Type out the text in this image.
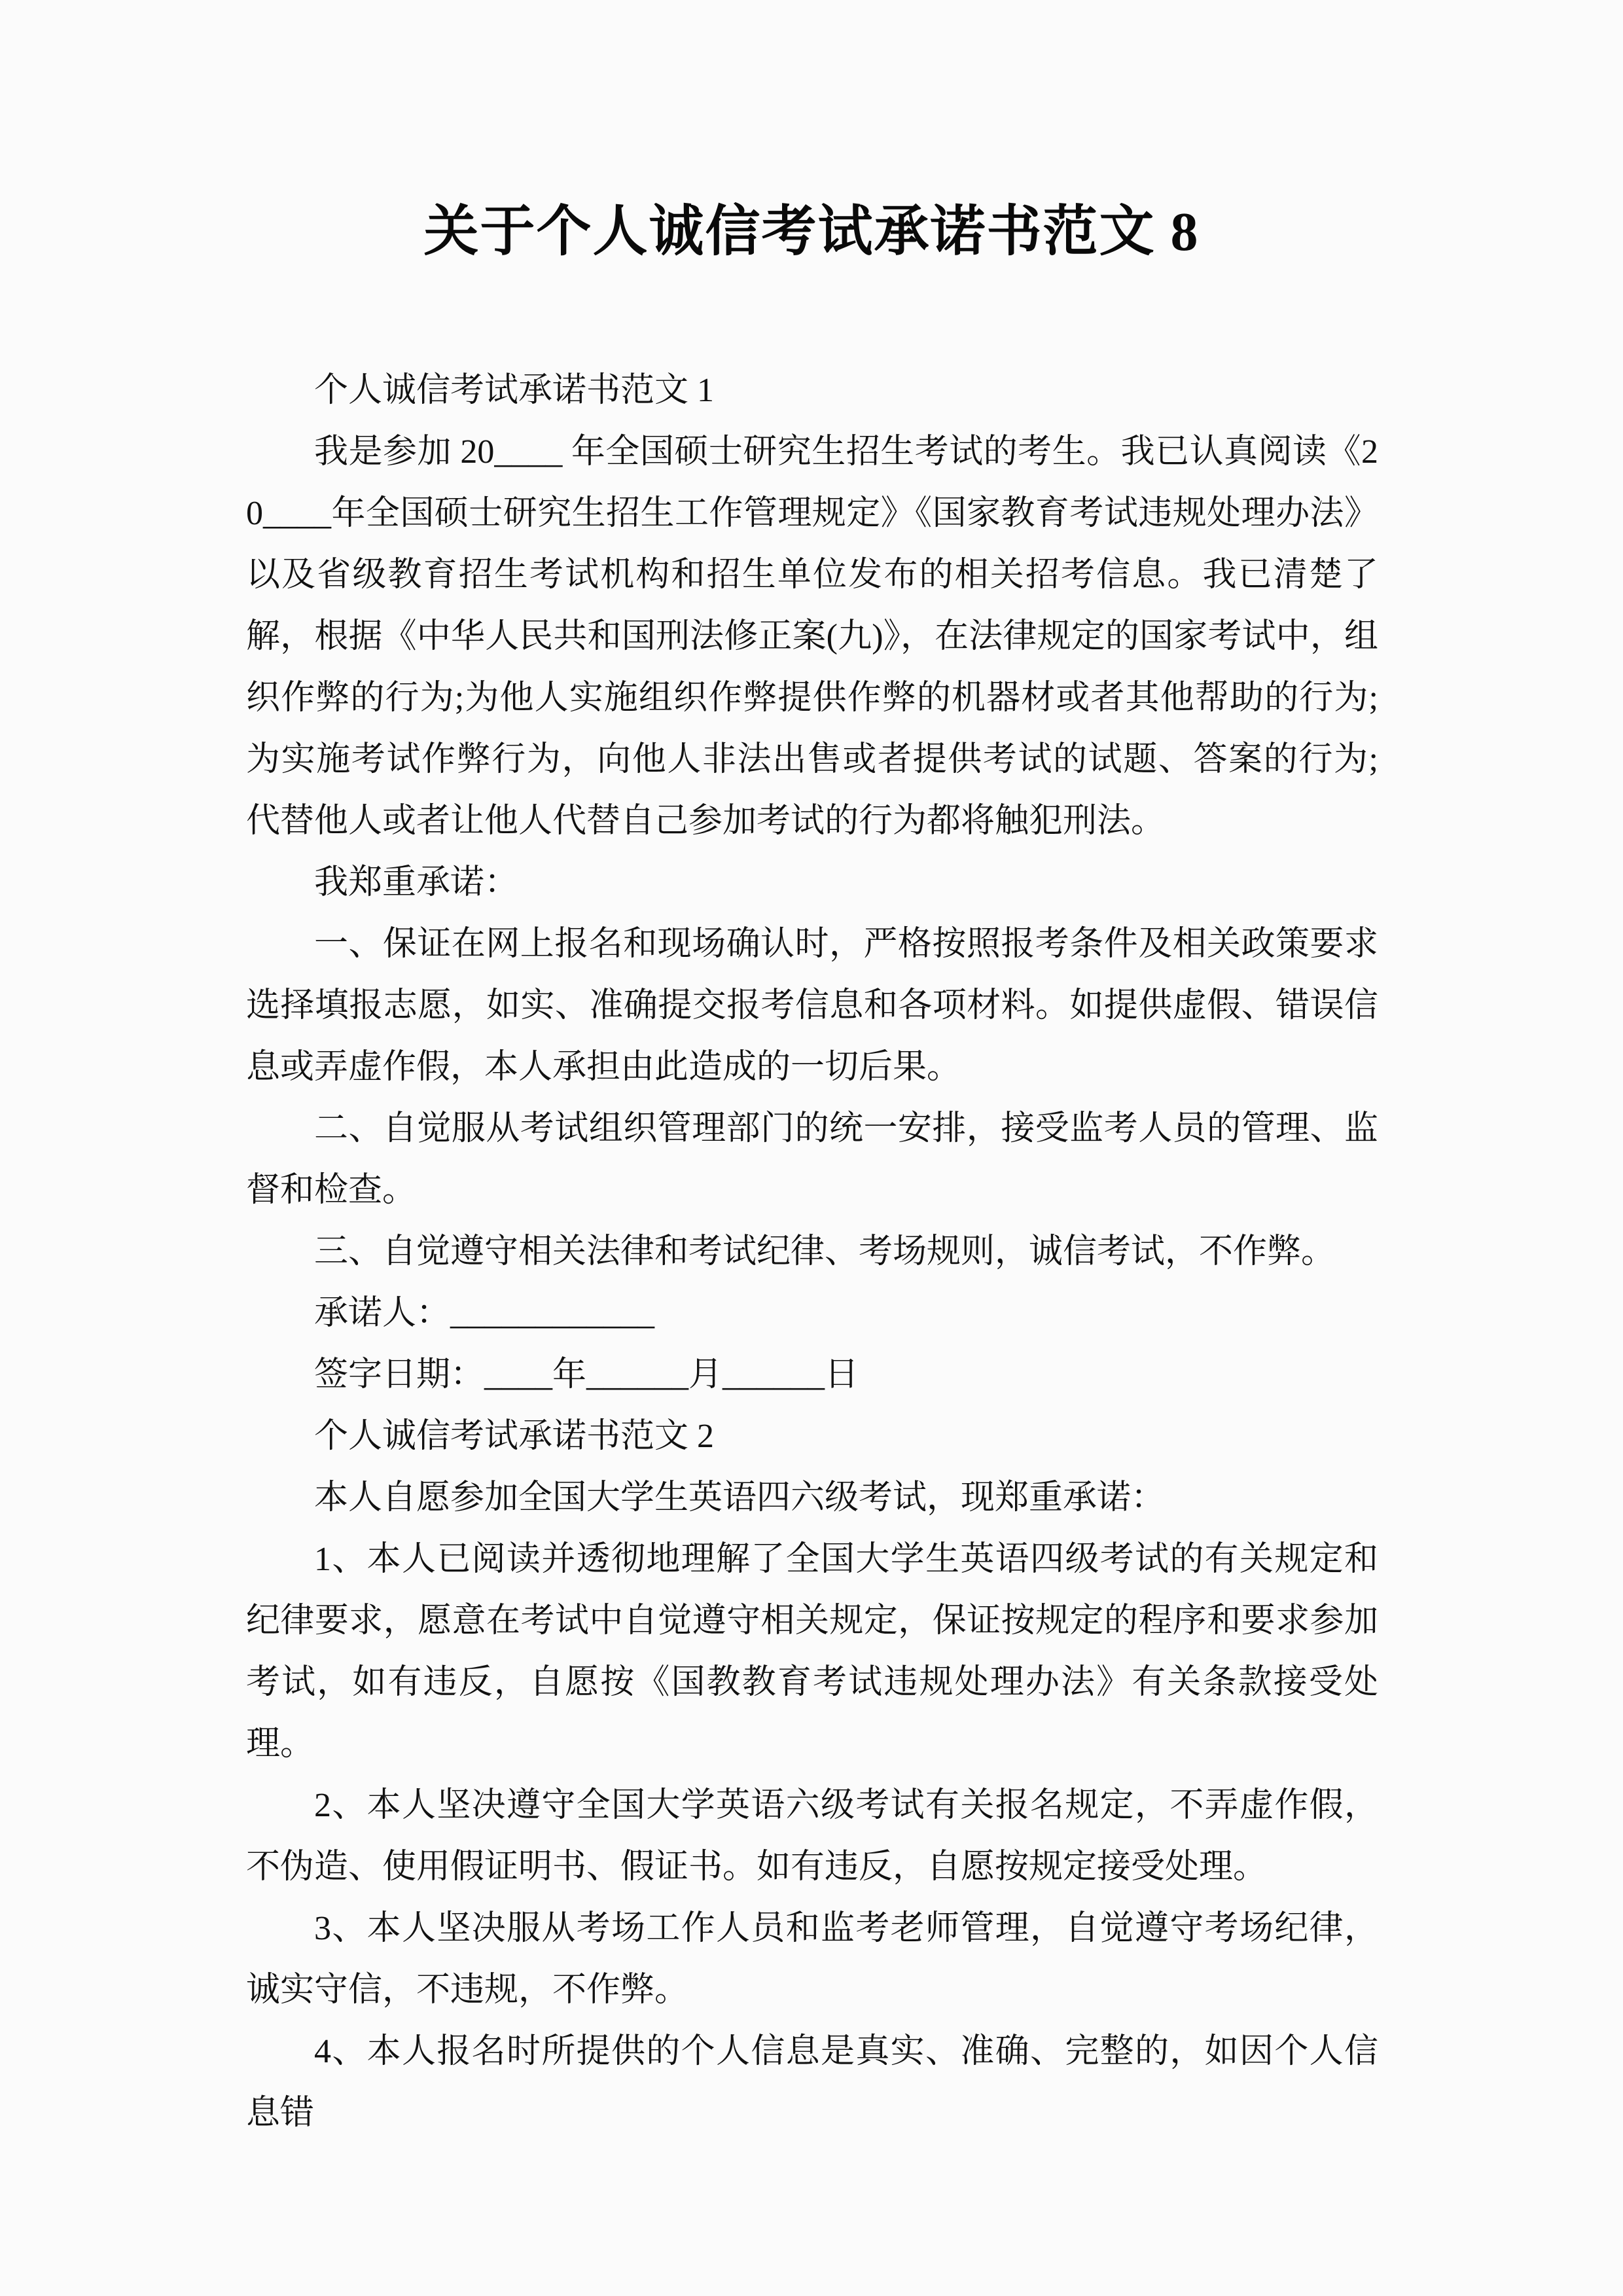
关于个人诚信考试承诺书范文 8

个人诚信考试承诺书范文 1

我是参加 20____ 年全国硕士研究生招生考试的考生。我已认真阅读《20____年全国硕士研究生招生工作管理规定》《国家教育考试违规处理办法》以及省级教育招生考试机构和招生单位发布的相关招考信息。我已清楚了解，根据《中华人民共和国刑法修正案(九)》，在法律规定的国家考试中，组织作弊的行为;为他人实施组织作弊提供作弊的机器材或者其他帮助的行为;为实施考试作弊行为，向他人非法出售或者提供考试的试题、答案的行为;代替他人或者让他人代替自己参加考试的行为都将触犯刑法。

我郑重承诺：

一、保证在网上报名和现场确认时，严格按照报考条件及相关政策要求选择填报志愿，如实、准确提交报考信息和各项材料。如提供虚假、错误信息或弄虚作假，本人承担由此造成的一切后果。

二、自觉服从考试组织管理部门的统一安排，接受监考人员的管理、监督和检查。

三、自觉遵守相关法律和考试纪律、考场规则，诚信考试，不作弊。

承诺人：____________

签字日期：____年______月______日

个人诚信考试承诺书范文 2

本人自愿参加全国大学生英语四六级考试，现郑重承诺：

1、本人已阅读并透彻地理解了全国大学生英语四级考试的有关规定和纪律要求，愿意在考试中自觉遵守相关规定，保证按规定的程序和要求参加考试，如有违反，自愿按《国教教育考试违规处理办法》有关条款接受处理。

2、本人坚决遵守全国大学英语六级考试有关报名规定，不弄虚作假，不伪造、使用假证明书、假证书。如有违反，自愿按规定接受处理。

3、本人坚决服从考场工作人员和监考老师管理，自觉遵守考场纪律，诚实守信，不违规，不作弊。

4、本人报名时所提供的个人信息是真实、准确、完整的，如因个人信息错
